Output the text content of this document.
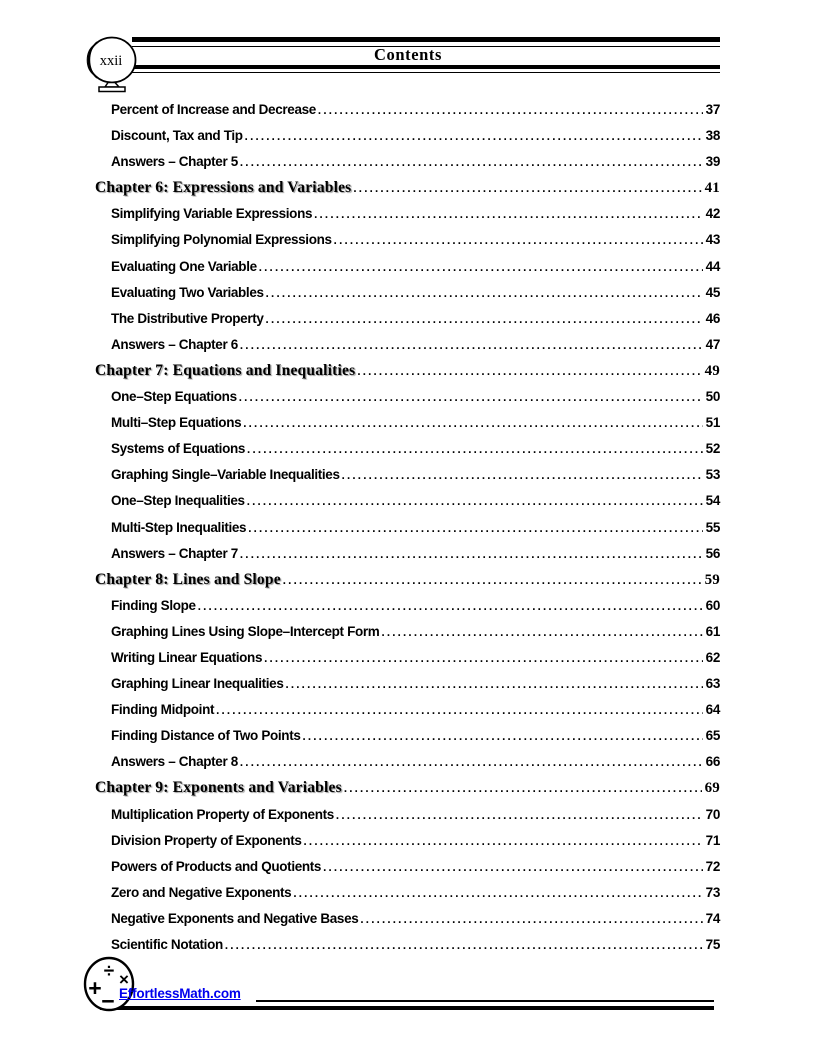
Contents
xxii
Percent of Increase and Decrease .....	37
Discount, Tax and Tip .....	38
Answers – Chapter 5 .....	39
Chapter 6: Expressions and Variables .....	41
Simplifying Variable Expressions .....	42
Simplifying Polynomial Expressions .....	43
Evaluating One Variable .....	44
Evaluating Two Variables .....	45
The Distributive Property .....	46
Answers – Chapter 6 .....	47
Chapter 7: Equations and Inequalities .....	49
One–Step Equations .....	50
Multi–Step Equations .....	51
Systems of Equations .....	52
Graphing Single–Variable Inequalities .....	53
One–Step Inequalities .....	54
Multi-Step Inequalities .....	55
Answers – Chapter 7 .....	56
Chapter 8: Lines and Slope .....	59
Finding Slope .....	60
Graphing Lines Using Slope–Intercept Form .....	61
Writing Linear Equations .....	62
Graphing Linear Inequalities .....	63
Finding Midpoint .....	64
Finding Distance of Two Points .....	65
Answers – Chapter 8 .....	66
Chapter 9: Exponents and Variables .....	69
Multiplication Property of Exponents .....	70
Division Property of Exponents .....	71
Powers of Products and Quotients .....	72
Zero and Negative Exponents .....	73
Negative Exponents and Negative Bases .....	74
Scientific Notation .....	75
÷ ×
+ − EffortlessMath.com
